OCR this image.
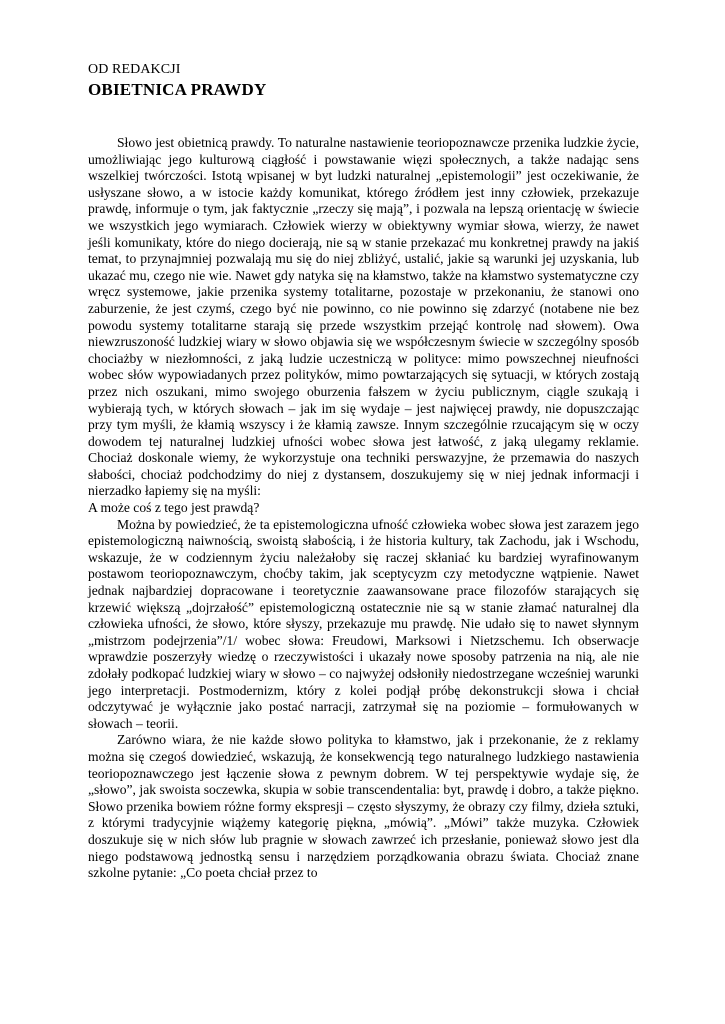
OD REDAKCJI
OBIETNICA PRAWDY

Słowo jest obietnicą prawdy. To naturalne nastawienie teoriopoznawcze przenika ludzkie życie, umożliwiając jego kulturową ciągłość i powstawanie więzi społecznych, a także nadając sens wszelkiej twórczości. Istotą wpisanej w byt ludzki naturalnej „epistemologii” jest oczekiwanie, że usłyszane słowo, a w istocie każdy komunikat, którego źródłem jest inny człowiek, przekazuje prawdę, informuje o tym, jak faktycznie „rzeczy się mają”, i pozwala na lepszą orientację w świecie we wszystkich jego wymiarach. Człowiek wierzy w obiektywny wymiar słowa, wierzy, że nawet jeśli komunikaty, które do niego docierają, nie są w stanie przekazać mu konkretnej prawdy na jakiś temat, to przynajmniej pozwalają mu się do niej zbliżyć, ustalić, jakie są warunki jej uzyskania, lub ukazać mu, czego nie wie. Nawet gdy natyka się na kłamstwo, także na kłamstwo systematyczne czy wręcz systemowe, jakie przenika systemy totalitarne, pozostaje w przekonaniu, że stanowi ono zaburzenie, że jest czymś, czego być nie powinno, co nie powinno się zdarzyć (notabene nie bez powodu systemy totalitarne starają się przede wszystkim przejąć kontrolę nad słowem). Owa niewzruszoność ludzkiej wiary w słowo objawia się we współczesnym świecie w szczególny sposób chociażby w niezłomności, z jaką ludzie uczestniczą w polityce: mimo powszechnej nieufności wobec słów wypowiadanych przez polityków, mimo powtarzających się sytuacji, w których zostają przez nich oszukani, mimo swojego oburzenia fałszem w życiu publicznym, ciągle szukają i wybierają tych, w których słowach – jak im się wydaje – jest najwięcej prawdy, nie dopuszczając przy tym myśli, że kłamią wszyscy i że kłamią zawsze. Innym szczególnie rzucającym się w oczy dowodem tej naturalnej ludzkiej ufności wobec słowa jest łatwość, z jaką ulegamy reklamie. Chociaż doskonale wiemy, że wykorzystuje ona techniki perswazyjne, że przemawia do naszych słabości, chociaż podchodzimy do niej z dystansem, doszukujemy się w niej jednak informacji i nierzadko łapiemy się na myśli:

A może coś z tego jest prawdą?

Można by powiedzieć, że ta epistemologiczna ufność człowieka wobec słowa jest zarazem jego epistemologiczną naiwnością, swoistą słabością, i że historia kultury, tak Zachodu, jak i Wschodu, wskazuje, że w codziennym życiu należałoby się raczej skłaniać ku bardziej wyrafinowanym postawom teoriopoznawczym, choćby takim, jak sceptycyzm czy metodyczne wątpienie. Nawet jednak najbardziej dopracowane i teoretycznie zaawansowane prace filozofów starających się krzewić większą „dojrzałość” epistemologiczną ostatecznie nie są w stanie złamać naturalnej dla człowieka ufności, że słowo, które słyszy, przekazuje mu prawdę. Nie udało się to nawet słynnym „mistrzom podejrzenia”/1/ wobec słowa: Freudowi, Marksowi i Nietzschemu. Ich obserwacje wprawdzie poszerzyły wiedzę o rzeczywistości i ukazały nowe sposoby patrzenia na nią, ale nie zdołały podkopać ludzkiej wiary w słowo – co najwyżej odsłoniły niedostrzegane wcześniej warunki jego interpretacji. Postmodernizm, który z kolei podjął próbę dekonstrukcji słowa i chciał odczytywać je wyłącznie jako postać narracji, zatrzymał się na poziomie – formułowanych w słowach – teorii.

Zarówno wiara, że nie każde słowo polityka to kłamstwo, jak i przekonanie, że z reklamy można się czegoś dowiedzieć, wskazują, że konsekwencją tego naturalnego ludzkiego nastawienia teoriopoznawczego jest łączenie słowa z pewnym dobrem. W tej perspektywie wydaje się, że „słowo”, jak swoista soczewka, skupia w sobie transcendentalia: byt, prawdę i dobro, a także piękno. Słowo przenika bowiem różne formy ekspresji – często słyszymy, że obrazy czy filmy, dzieła sztuki, z którymi tradycyjnie wiążemy kategorię piękna, „mówią”. „Mówi” także muzyka. Człowiek doszukuje się w nich słów lub pragnie w słowach zawrzeć ich przesłanie, ponieważ słowo jest dla niego podstawową jednostką sensu i narzędziem porządkowania obrazu świata. Chociaż znane szkolne pytanie: „Co poeta chciał przez to
